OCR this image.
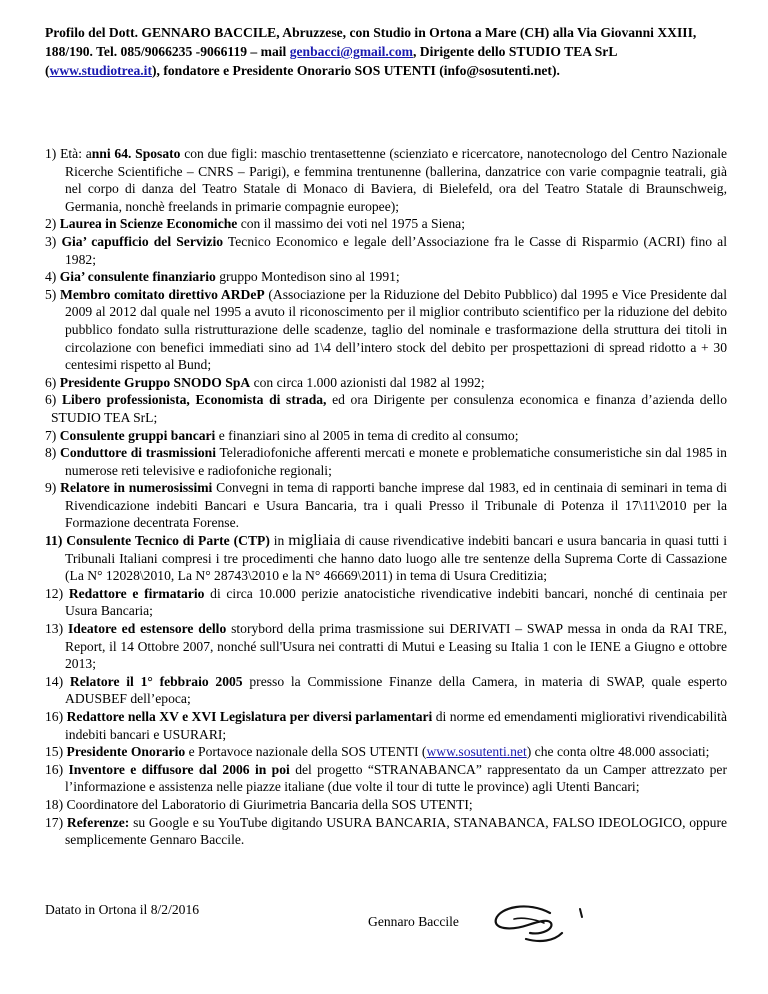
Profilo del Dott. GENNARO BACCILE, Abruzzese, con Studio in Ortona a Mare (CH) alla Via Giovanni XXIII, 188/190. Tel. 085/9066235 -9066119 – mail genbacci@gmail.com, Dirigente dello STUDIO TEA SrL (www.studiotrea.it), fondatore e Presidente Onorario SOS UTENTI (info@sosutenti.net).
1) Età: anni 64. Sposato con due figli: maschio trentasettenne (scienziato e ricercatore, nanotecnologo del Centro Nazionale Ricerche Scientifiche – CNRS – Parigi), e femmina trentunenne (ballerina, danzatrice con varie compagnie teatrali, già nel corpo di danza del Teatro Statale di Monaco di Baviera, di Bielefeld, ora del Teatro Statale di Braunschweig, Germania, nonchè freelands in primarie compagnie europee);
2) Laurea in Scienze Economiche con il massimo dei voti nel 1975 a Siena;
3) Gia’ capufficio del Servizio Tecnico Economico e legale dell’Associazione fra le Casse di Risparmio (ACRI) fino al 1982;
4) Gia’ consulente finanziario gruppo Montedison sino al 1991;
5) Membro comitato direttivo ARDeP (Associazione per la Riduzione del Debito Pubblico) dal 1995 e Vice Presidente dal 2009 al 2012 dal quale nel 1995 a avuto il riconoscimento per il miglior contributo scientifico per la riduzione del debito pubblico fondato sulla ristrutturazione delle scadenze, taglio del nominale e trasformazione della struttura dei titoli in circolazione con benefici immediati sino ad 1\4 dell’intero stock del debito per prospettazioni di spread ridotto a + 30 centesimi rispetto al Bund;
6) Presidente Gruppo SNODO SpA con circa 1.000 azionisti dal 1982 al 1992;
6) Libero professionista, Economista di strada, ed ora Dirigente per consulenza economica e finanza d’azienda dello STUDIO TEA SrL;
7) Consulente gruppi bancari e finanziari sino al 2005 in tema di credito al consumo;
8) Conduttore di trasmissioni Teleradiofoniche afferenti mercati e monete e problematiche consumeristiche sin dal 1985 in numerose reti televisive e radiofoniche regionali;
9) Relatore in numerosissimi Convegni in tema di rapporti banche imprese dal 1983, ed in centinaia di seminari in tema di Rivendicazione indebiti Bancari e Usura Bancaria, tra i quali Presso il Tribunale di Potenza il 17\11\2010 per la Formazione decentrata Forense.
11) Consulente Tecnico di Parte (CTP) in migliaia di cause rivendicative indebiti bancari e usura bancaria in quasi tutti i Tribunali Italiani compresi i tre procedimenti che hanno dato luogo alle tre sentenze della Suprema Corte di Cassazione (La N° 12028\2010, La N° 28743\2010 e la N° 46669\2011) in tema di Usura Creditizia;
12) Redattore e firmatario di circa 10.000 perizie anatocistiche rivendicative indebiti bancari, nonché di centinaia per Usura Bancaria;
13) Ideatore ed estensore dello storybord della prima trasmissione sui DERIVATI – SWAP messa in onda da RAI TRE, Report, il 14 Ottobre 2007, nonché sull'Usura nei contratti di Mutui e Leasing su Italia 1 con le IENE a Giugno e ottobre 2013;
14) Relatore il 1° febbraio 2005 presso la Commissione Finanze della Camera, in materia di SWAP, quale esperto ADUSBEF dell’epoca;
16) Redattore nella XV e XVI Legislatura per diversi parlamentari di norme ed emendamenti migliorativi rivendicabilità indebiti bancari e USURARI;
15) Presidente Onorario e Portavoce nazionale della SOS UTENTI (www.sosutenti.net) che conta oltre 48.000 associati;
16) Inventore e diffusore dal 2006 in poi del progetto “STRANABANCA” rappresentato da un Camper attrezzato per l’informazione e assistenza nelle piazze italiane (due volte il tour di tutte le province) agli Utenti Bancari;
18) Coordinatore del Laboratorio di Giurimetria Bancaria della SOS UTENTI;
17) Referenze: su Google e su YouTube digitando USURA BANCARIA, STANABANCA, FALSO IDEOLOGICO, oppure semplicemente Gennaro Baccile.
Datato in Ortona il 8/2/2016
Gennaro Baccile
